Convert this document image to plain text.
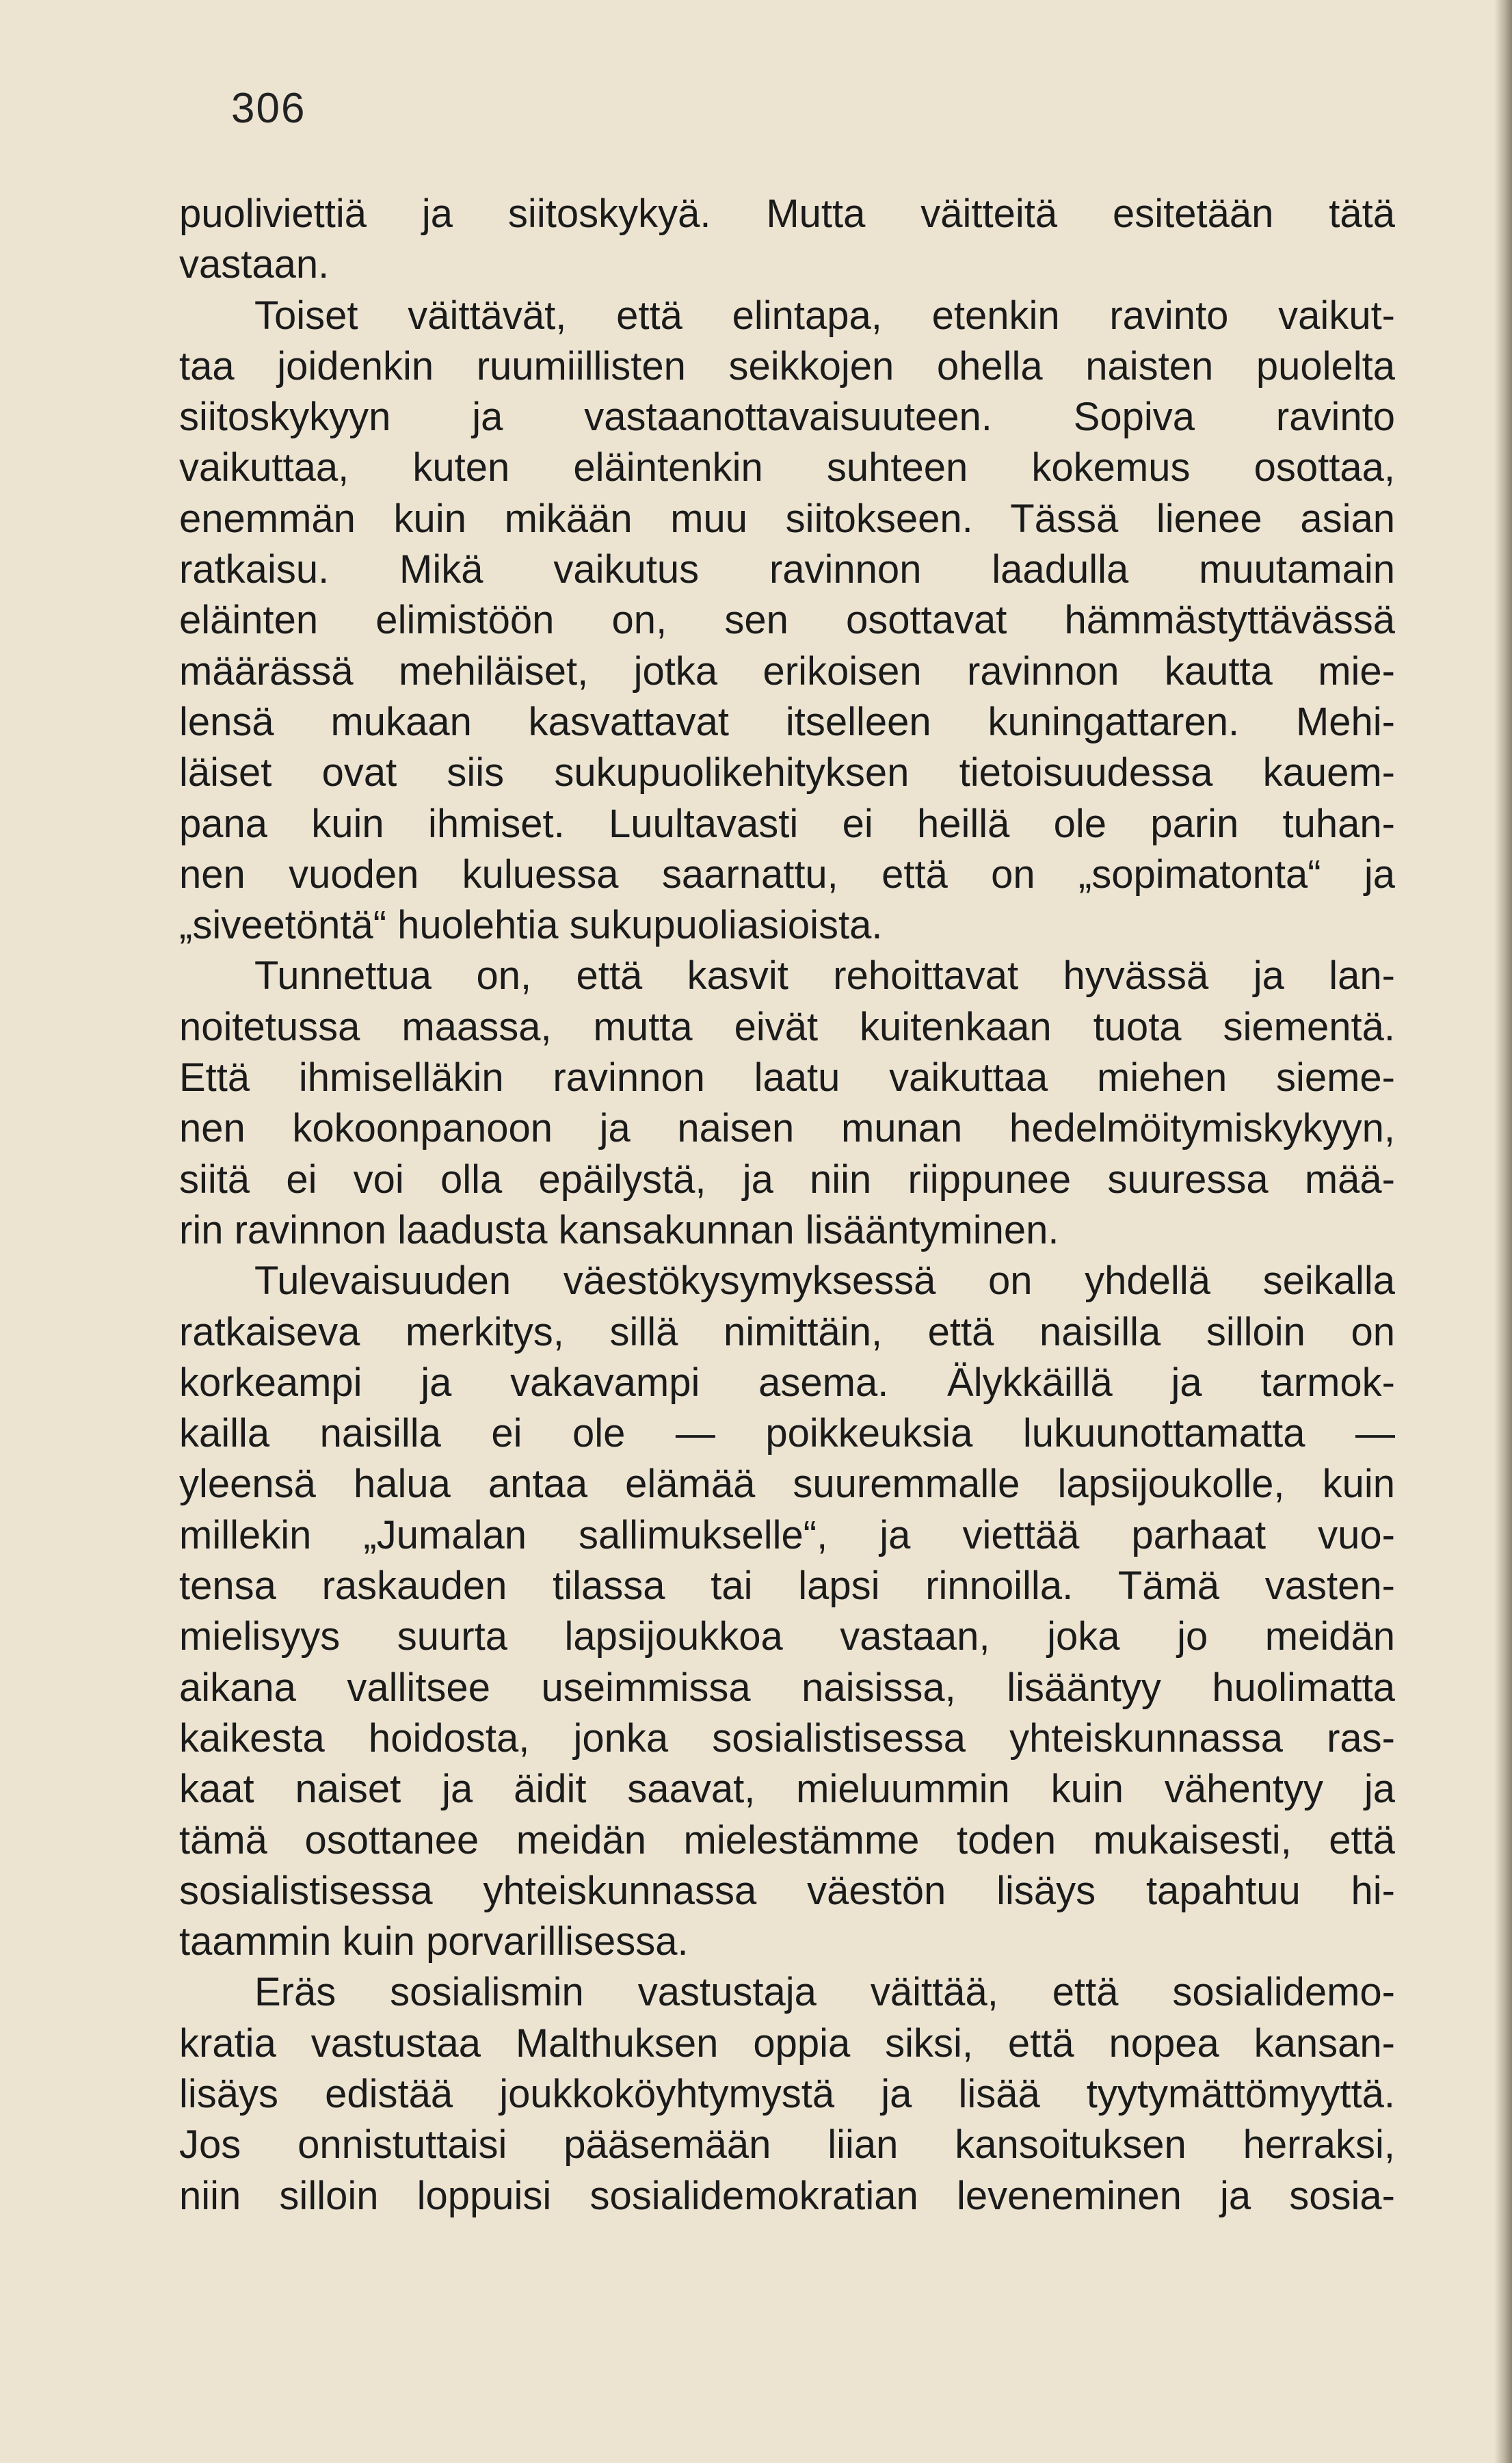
306
puoliviettiä ja siitoskykyä. Mutta väitteitä esitetään tätä
vastaan.
Toiset väittävät, että elintapa, etenkin ravinto vaikut-
taa joidenkin ruumiillisten seikkojen ohella naisten puolelta
siitoskykyyn ja vastaanottavaisuuteen. Sopiva ravinto
vaikuttaa, kuten eläintenkin suhteen kokemus osottaa,
enemmän kuin mikään muu siitokseen. Tässä lienee asian
ratkaisu. Mikä vaikutus ravinnon laadulla muutamain
eläinten elimistöön on, sen osottavat hämmästyttävässä
määrässä mehiläiset, jotka erikoisen ravinnon kautta mie-
lensä mukaan kasvattavat itselleen kuningattaren. Mehi-
läiset ovat siis sukupuolikehityksen tietoisuudessa kauem-
pana kuin ihmiset. Luultavasti ei heillä ole parin tuhan-
nen vuoden kuluessa saarnattu, että on „sopimatonta“ ja
„siveetöntä“ huolehtia sukupuoliasioista.
Tunnettua on, että kasvit rehoittavat hyvässä ja lan-
noitetussa maassa, mutta eivät kuitenkaan tuota siementä.
Että ihmiselläkin ravinnon laatu vaikuttaa miehen sieme-
nen kokoonpanoon ja naisen munan hedelmöitymiskykyyn,
siitä ei voi olla epäilystä, ja niin riippunee suuressa mää-
rin ravinnon laadusta kansakunnan lisääntyminen.
Tulevaisuuden väestökysymyksessä on yhdellä seikalla
ratkaiseva merkitys, sillä nimittäin, että naisilla silloin on
korkeampi ja vakavampi asema. Älykkäillä ja tarmok-
kailla naisilla ei ole — poikkeuksia lukuunottamatta —
yleensä halua antaa elämää suuremmalle lapsijoukolle, kuin
millekin „Jumalan sallimukselle“, ja viettää parhaat vuo-
tensa raskauden tilassa tai lapsi rinnoilla. Tämä vasten-
mielisyys suurta lapsijoukkoa vastaan, joka jo meidän
aikana vallitsee useimmissa naisissa, lisääntyy huolimatta
kaikesta hoidosta, jonka sosialistisessa yhteiskunnassa ras-
kaat naiset ja äidit saavat, mieluummin kuin vähentyy ja
tämä osottanee meidän mielestämme toden mukaisesti, että
sosialistisessa yhteiskunnassa väestön lisäys tapahtuu hi-
taammin kuin porvarillisessa.
Eräs sosialismin vastustaja väittää, että sosialidemo-
kratia vastustaa Malthuksen oppia siksi, että nopea kansan-
lisäys edistää joukkoköyhtymystä ja lisää tyytymättömyyttä.
Jos onnistuttaisi pääsemään liian kansoituksen herraksi,
niin silloin loppuisi sosialidemokratian leveneminen ja sosia-
